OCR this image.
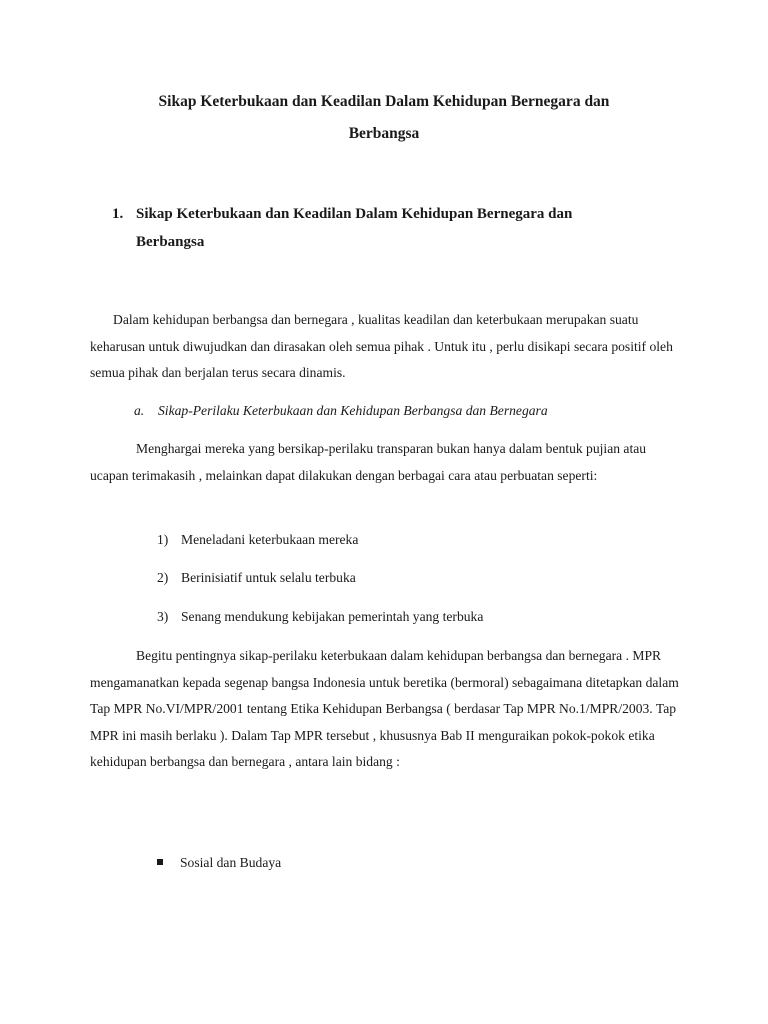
Sikap Keterbukaan dan Keadilan Dalam Kehidupan Bernegara dan
Berbangsa
1. Sikap Keterbukaan dan Keadilan Dalam Kehidupan Bernegara dan
Berbangsa

Dalam kehidupan berbangsa dan bernegara , kualitas keadilan dan keterbukaan merupakan suatu keharusan untuk diwujudkan dan dirasakan oleh semua pihak . Untuk itu , perlu disikapi secara positif oleh semua pihak dan berjalan terus secara dinamis.

a. Sikap-Perilaku Keterbukaan dan Kehidupan Berbangsa dan Bernegara

Menghargai mereka yang bersikap-perilaku transparan bukan hanya dalam bentuk pujian atau ucapan terimakasih , melainkan dapat dilakukan dengan berbagai cara atau perbuatan seperti:

1) Meneladani keterbukaan mereka
2) Berinisiatif untuk selalu terbuka
3) Senang mendukung kebijakan pemerintah yang terbuka

Begitu pentingnya sikap-perilaku keterbukaan dalam kehidupan berbangsa dan bernegara . MPR mengamanatkan kepada segenap bangsa Indonesia untuk beretika (bermoral) sebagaimana ditetapkan dalam Tap MPR No.VI/MPR/2001 tentang Etika Kehidupan Berbangsa ( berdasar Tap MPR No.1/MPR/2003. Tap MPR ini masih berlaku ). Dalam Tap MPR tersebut , khususnya Bab II menguraikan pokok-pokok etika kehidupan berbangsa dan bernegara , antara lain bidang :

Sosial dan Budaya
